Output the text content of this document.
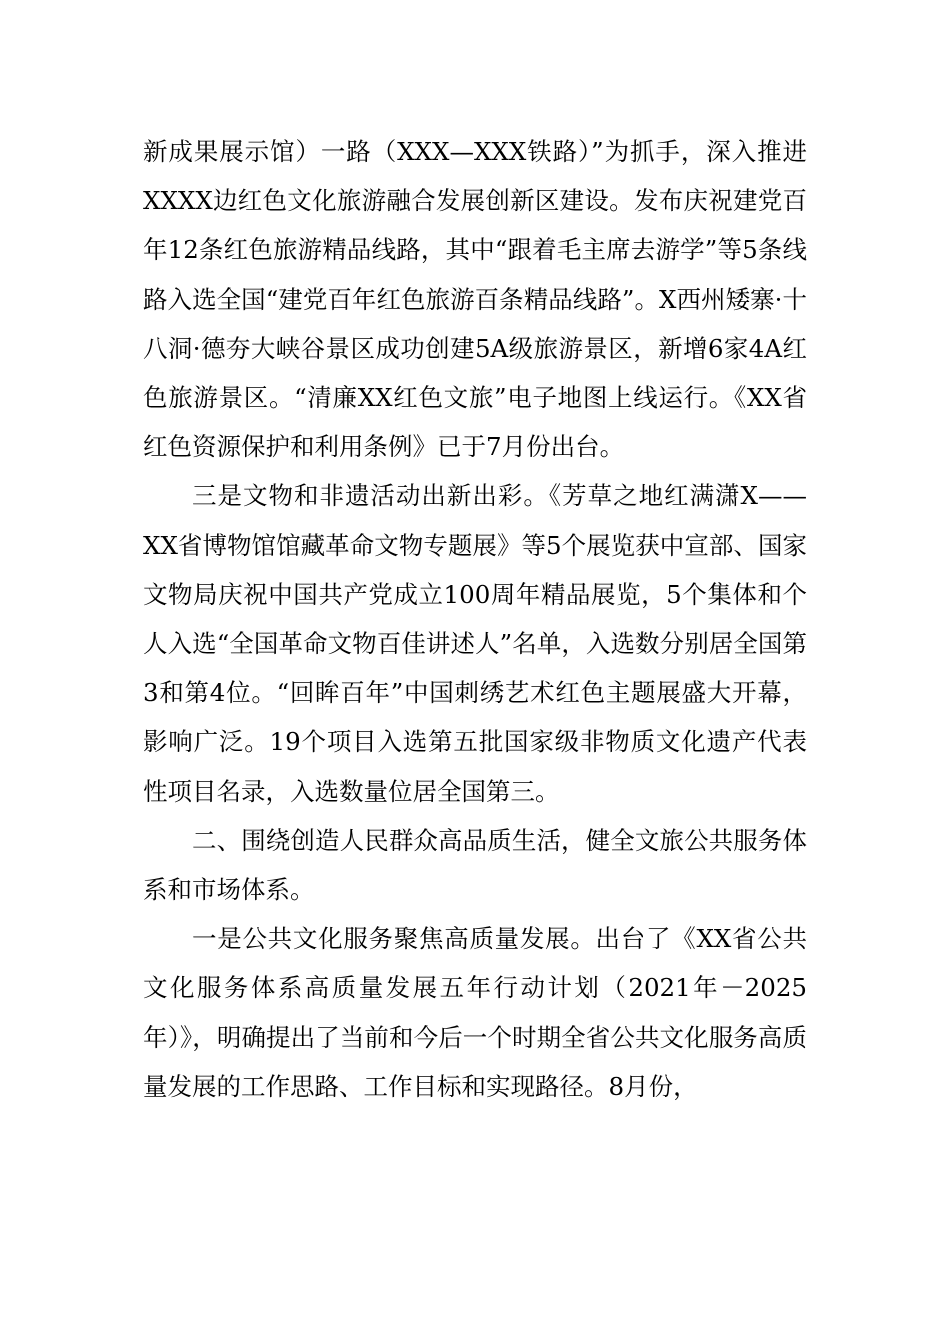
新成果展示馆）一路（XXX—XXX铁路）”为抓手，深入推进XXXX边红色文化旅游融合发展创新区建设。发布庆祝建党百年12条红色旅游精品线路，其中“跟着毛主席去游学”等5条线路入选全国“建党百年红色旅游百条精品线路”。X西州矮寨·十八洞·德夯大峡谷景区成功创建5A级旅游景区，新增6家4A红色旅游景区。“清廉XX红色文旅”电子地图上线运行。《XX省红色资源保护和利用条例》已于7月份出台。

三是文物和非遗活动出新出彩。《芳草之地红满潇X——XX省博物馆馆藏革命文物专题展》等5个展览获中宣部、国家文物局庆祝中国共产党成立100周年精品展览，5个集体和个人入选“全国革命文物百佳讲述人”名单，入选数分别居全国第3和第4位。“回眸百年”中国刺绣艺术红色主题展盛大开幕，影响广泛。19个项目入选第五批国家级非物质文化遗产代表性项目名录，入选数量位居全国第三。

二、围绕创造人民群众高品质生活，健全文旅公共服务体系和市场体系。

一是公共文化服务聚焦高质量发展。出台了《XX省公共文化服务体系高质量发展五年行动计划（2021年－2025年）》，明确提出了当前和今后一个时期全省公共文化服务高质量发展的工作思路、工作目标和实现路径。8月份，
